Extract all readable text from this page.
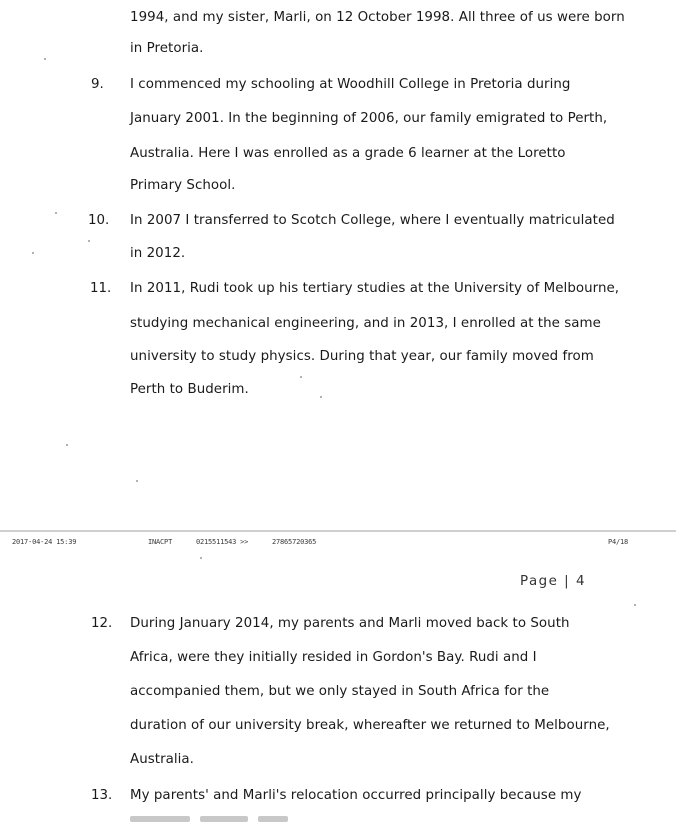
1994, and my sister, Marli, on 12 October 1998. All three of us were born
in Pretoria.
9. I commenced my schooling at Woodhill College in Pretoria during
January 2001. In the beginning of 2006, our family emigrated to Perth,
Australia. Here I was enrolled as a grade 6 learner at the Loretto
Primary School.
10. In 2007 I transferred to Scotch College, where I eventually matriculated
in 2012.
11. In 2011, Rudi took up his tertiary studies at the University of Melbourne,
studying mechanical engineering, and in 2013, I enrolled at the same
university to study physics. During that year, our family moved from
Perth to Buderim.
2017-04-24 15:39	INACPT	0215511543 >>	27865720365	P4/18
Page | 4
12. During January 2014, my parents and Marli moved back to South
Africa, were they initially resided in Gordon's Bay. Rudi and I
accompanied them, but we only stayed in South Africa for the
duration of our university break, whereafter we returned to Melbourne,
Australia.
13. My parents' and Marli's relocation occurred principally because my
